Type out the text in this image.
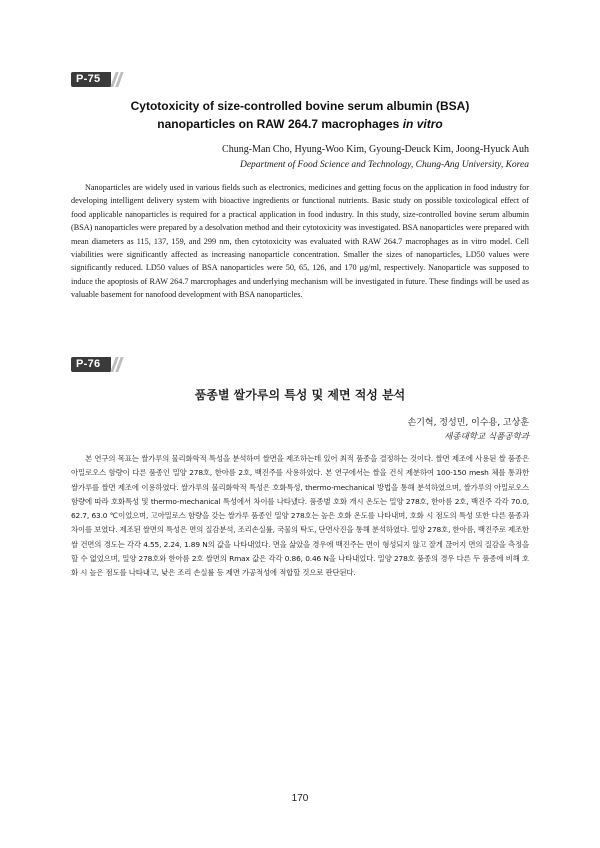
P-75
Cytotoxicity of size-controlled bovine serum albumin (BSA)
nanoparticles on RAW 264.7 macrophages in vitro
Chung-Man Cho, Hyung-Woo Kim, Gyoung-Deuck Kim, Joong-Hyuck Auh
Department of Food Science and Technology, Chung-Ang University, Korea

Nanoparticles are widely used in various fields such as electronics, medicines and getting focus on the application in food industry for developing intelligent delivery system with bioactive ingredients or functional nutrients. Basic study on possible toxicological effect of food applicable nanoparticles is required for a practical application in food industry. In this study, size-controlled bovine serum albumin (BSA) nanoparticles were prepared by a desolvation method and their cytotoxicity was investigated. BSA nanoparticles were prepared with mean diameters as 115, 137, 159, and 299 nm, then cytotoxicity was evaluated with RAW 264.7 macrophages as in vitro model. Cell viabilities were significantly affected as increasing nanoparticle concentration. Smaller the sizes of nanoparticles, LD50 values were significantly reduced. LD50 values of BSA nanoparticles were 50, 65, 126, and 170 μg/ml, respectively. Nanoparticle was supposed to induce the apoptosis of RAW 264.7 marcrophages and underlying mechanism will be investigated in future. These findings will be used as valuable basement for nanofood development with BSA nanoparticles.

P-76
품종별 쌀가루의 특성 및 제면 적성 분석
손기혁, 정성민, 이수용, 고상훈
세종대학교 식품공학과

본 연구의 목표는 쌀가루의 물리화학적 특성을 분석하여 쌀면을 제조하는데 있어 최적 품종을 결정하는 것이다. 쌀면 제조에 사용된 쌀 품종은 아밀로오스 함량이 다른 품종인 밀양 278호, 한아름 2호, 백진주를 사용하였다. 본 연구에서는 쌀을 건식 제분하여 100-150 mesh 체를 통과한 쌀가루를 쌀면 제조에 이용하였다. 쌀가루의 물리화학적 특성은 호화특성, thermo-mechanical 방법을 통해 분석하였으며, 쌀가루의 아밀로오스 함량에 따라 호화특성 및 thermo-mechanical 특성에서 차이를 나타냈다. 품종별 호화 개시 온도는 밀양 278호, 한아름 2호, 백진주 각각 70.0, 62.7, 63.0 ℃이었으며, 고아밀로스 함량을 갖는 쌀가루 품종인 밀양 278호는 높은 호화 온도를 나타내며, 호화 시 점도의 특성 또한 다른 품종과 차이를 보였다. 제조된 쌀면의 특성은 면의 질감분석, 조리손실률, 국물의 탁도, 단면사진을 통해 분석하였다. 밀양 278호, 한아름, 백진주로 제조한 쌀 건면의 경도는 각각 4.55, 2.24, 1.89 N의 값을 나타내었다. 면을 삶았을 경우에 백진주는 면이 형성되지 않고 잘게 끊어지 면의 질감을 측정을 할 수 없었으며, 밀양 278호와 한아름 2호 쌀면의 Rmax 값은 각각 0.86, 0.46 N을 나타내었다. 밀양 278호 품종의 경우 다른 두 품종에 비해 호화 시 높은 점도를 나타내고, 낮은 조리 손실률 등 제면 가공적성에 적합할 것으로 판단된다.

170
